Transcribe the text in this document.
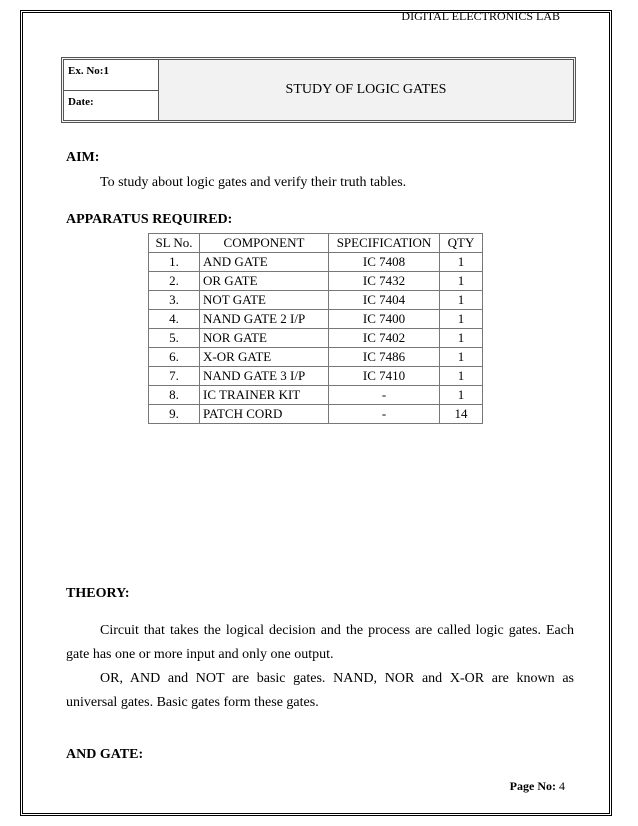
DIGITAL ELECTRONICS LAB
Ex. No:1
Date:
STUDY OF LOGIC GATES
AIM:
To study about logic gates and verify their truth tables.
APPARATUS REQUIRED:
SL No.	COMPONENT	SPECIFICATION	QTY
1.	AND GATE	IC 7408	1
2.	OR GATE	IC 7432	1
3.	NOT GATE	IC 7404	1
4.	NAND GATE 2 I/P	IC 7400	1
5.	NOR GATE	IC 7402	1
6.	X-OR GATE	IC 7486	1
7.	NAND GATE 3 I/P	IC 7410	1
8.	IC TRAINER KIT	-	1
9.	PATCH CORD	-	14
THEORY:
Circuit that takes the logical decision and the process are called logic gates. Each gate has one or more input and only one output.
OR, AND and NOT are basic gates. NAND, NOR and X-OR are known as universal gates. Basic gates form these gates.
AND GATE:
Page No: 4
